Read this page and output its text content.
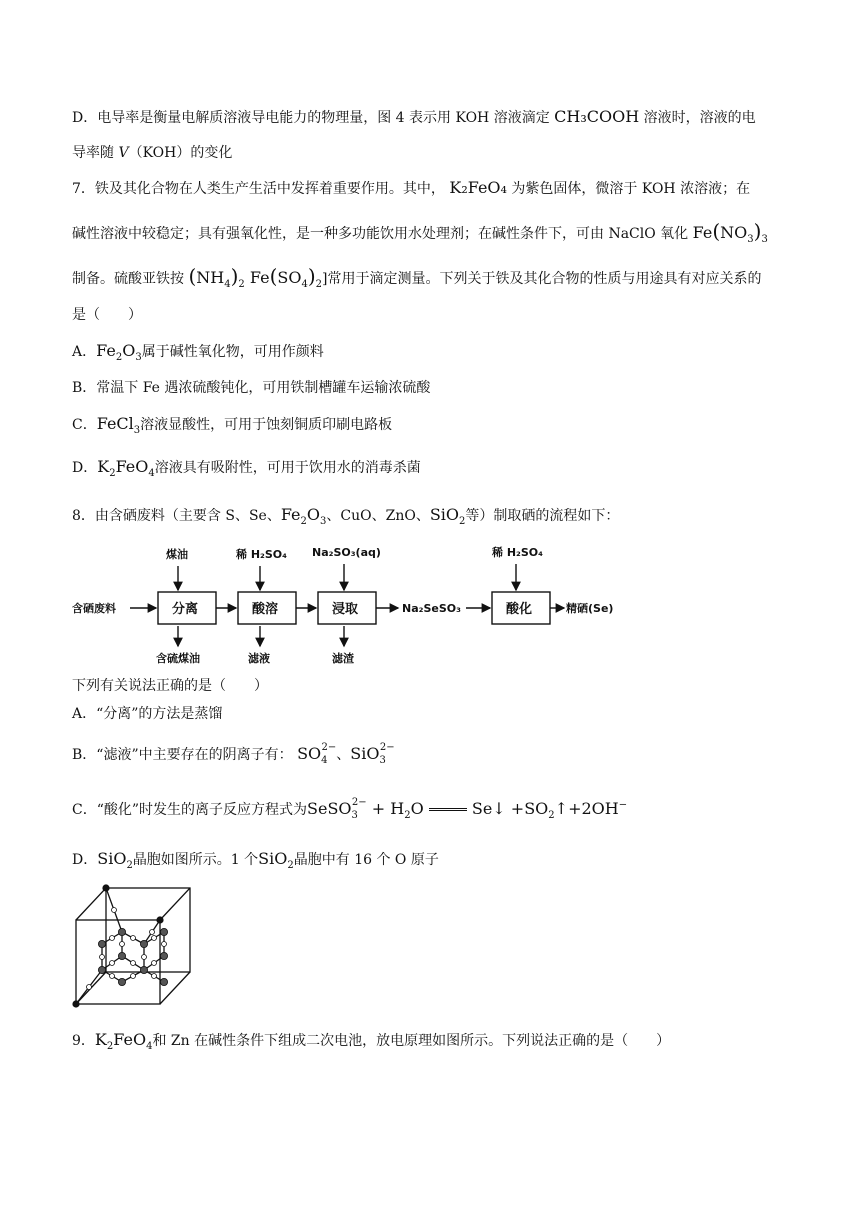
D．电导率是衡量电解质溶液导电能力的物理量，图 4 表示用 KOH 溶液滴定 CH₃COOH 溶液时，溶液的电
导率随 V（KOH）的变化
7．铁及其化合物在人类生产生活中发挥着重要作用。其中， K₂FeO₄ 为紫色固体，微溶于 KOH 浓溶液；在
碱性溶液中较稳定；具有强氧化性，是一种多功能饮用水处理剂；在碱性条件下，可由 NaClO 氧化 $Fe(NO_3)_3$
制备。硫酸亚铁按 $(NH_4)_2$ $Fe(SO_4)_2$]常用于滴定测量。下列关于铁及其化合物的性质与用途具有对应关系的
是（　　）
A．$Fe_2O_3$属于碱性氧化物，可用作颜料
B．常温下 Fe 遇浓硫酸钝化，可用铁制槽罐车运输浓硫酸
C．FeCl$_3$溶液显酸性，可用于蚀刻铜质印刷电路板
D．$K_2FeO_4$溶液具有吸附性，可用于饮用水的消毒杀菌
8．由含硒废料（主要含 S、Se、$Fe_2O_3$、CuO、ZnO、SiO$_2$等）制取硒的流程如下：
含硒废料	分离	酸溶	浸取	酸化	精硒(Se)
煤油	稀 H₂SO₄ Na₂SO₃(aq)	稀 H₂SO₄
含硫煤油	滤液	滤渣
Na₂SeSO₃
下列有关说法正确的是（　　）
A．“分离”的方法是蒸馏
B．“滤液”中主要存在的阴离子有： $SO_4^{2-}$、SiO$_3^{2-}$
C．“酸化”时发生的离子反应方程式为SeSO$_3^{2-}$ + $H_2O$  Se↓ $+SO_2↑+2OH^-$
D．SiO$_2$晶胞如图所示。1 个SiO$_2$晶胞中有 16 个 O 原子
9．$K_2FeO_4$和 Zn 在碱性条件下组成二次电池，放电原理如图所示。下列说法正确的是（　　）
